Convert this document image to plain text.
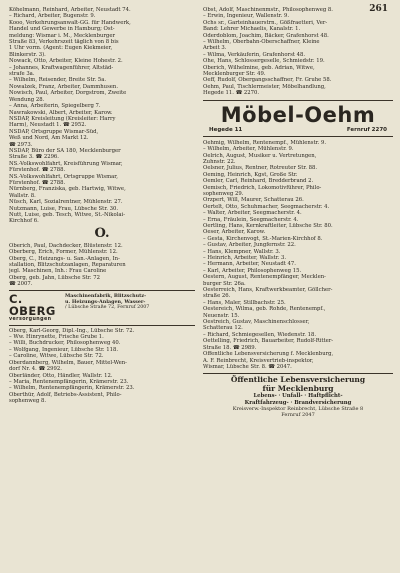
261
Köhelmann, Reinhard, Arbeiter, Neustadt 74.
– Richard, Arbeiter, Bugenstr. 9.
Kooo, Verkehrungsanwalt-GG. für Handwerk,
Handel und Gewerbe in Hamburg; Ost-
meldung: Wismar i. M., Mecklenburger
Straße 83, Verkehrszeit täglich von 8 bis
1 Uhr vorm. (Agent: Eugen Kiekmeier,
Blinkerstr. 3).
Nowack, Otto, Arbeiter, Kleine Hohestr. 2.
– Johannes, Kraftwagenführer, Altstäd-
strafe 3a.
– Wilhelm, Reisender, Breite Str. 5a.
Nowalzek, Franz, Arbeiter, Dammhusen.
Nowisch, Paul, Arbeiter, Dorgstrom, Zweite
Wendung 28.
– Anna, Arbeiterin, Spiegelberg 7.
Nawrakowski, Albert, Arbeiter, Karow.
NSDAP, Kreisleitung (Kreisleiter: Harry
Harm), Neustadt 1. ☎ 2952.
NSDAP, Ortsgruppe Wismar-Süd,
Weß und Nord, Am Markt 12.
☎ 2973.
NSDAP, Büro der SA 180, Mecklenburger
Straße 3. ☎ 2296.
NS.-Volkswohlfahrt, Kreisführung Wismar,
Fürstenhof. ☎ 2788.
NS.-Volkswohlfahrt, Ortsgruppe Wismar,
Fürstenhof. ☎ 2788.
Nürnberg, Franziska, geb. Hartwig, Witwe,
Wallstr. 8.
Nüsch, Karl, Sozialrentner, Mühlenstr. 27.
Nutzmann, Luise, Frau, Lübsche Str. 30.
Nutt, Luise, geb. Tesch, Witwe, St.-Nikolai-
Kirchhof 6.
O.
Oberich, Paul, Dachdecker, Blüstenstr. 12.
Oberberg, Erich, Former, Mühlenstr. 12.
Oberg, C., Heizungs- u. San.-Anlagen, In-
stallation, Blitzschutzanlagen, Reparaturen
jegl. Maschinen, Inh.: Frau Caroline
Oberg, geb. Jahn, Lübsche Str. 72
☎ 2007.
C. OBERG
versorgungen
Maschinenfabrik, Blitzschutz-
u. Heizungs-Anlagen, Wasser-
/ Lübsche Straße 72, Fernruf 2007
Oberg, Karl-Georg, Dipl.-Ing., Lübsche Str. 72.
– Ww. Hinrynette, Frische Grube 1.
– Willi, Buchdrucker, Philosophenweg 40.
– Wolfgang, Ingenieur, Lübsche Str. 118.
– Caroline, Witwe, Lübsche Str. 72.
Oberdannberg, Wilhelm, Bauer, Mittel-Wen-
dorf Nr. 4. ☎ 2992.
Oberländer, Otto, Händler, Wallstr. 12.
– Maria, Rentenempfängerin, Krämerstr. 23.
– Wilhelm, Rentenempfängerin, Krämerstr. 23.
Oberthür, Adolf, Betriebs-Assistent, Philo-
sophenweg 8.
Obst, Adolf, Maschinenmstr., Philosophenweg 8.
– Erwin, Ingenieur, Wallenstr. 9.
Ochs sr., Garteinhauerstrn., Gößfraetteri, Ver-
Band: Lehrer Michaelis, Kanalstr. 1.
Oderdoblom, Joachim, Bäcker, Grafenhorst 48.
– Wilhelm, Oberbahn-Oberschaffner, Kleine
Arbeit 3.
– Wilma, Verkäuferin, Grafenhorst 48.
Ohe, Hans, Schlossergeselle, Schmiedstr. 19.
Oberich, Wilhelmine, geb. Adrian, Witwe,
Mecklenburger Str. 49.
Oeff, Rudolf, Obergangsschaffner, Fr. Gruhe 58.
Oehm, Paul, Tischlermeister, Möbelhandlung,
Hegede 11. ☎ 2270.
Möbel-Oehm
Hegede 11	Fernruf 2270
Oehmig, Wilhelm, Rentenempf., Mühlenstr. 9.
– Wilhelm, Arbeiter, Mühlenstr. 9.
Oelrich, August, Musiker u. Vertretungen,
Zuhnstr. 22.
Oelsner, Julius, Rentner, Rotreuter Str. 88.
Oeming, Heinrich, Kgst, Große Str.
Oemler, Carl, Reinhard, Bredderbrand 2.
Oemisch, Friedrich, Lokomotivführer, Philo-
sophenweg 29.
Orzpert, Will, Maurer, Schatterau 26.
Oertelt, Otto, Schuhmacher, Seegmacherstr. 4.
– Walter, Arbeiter, Seegmacherstr. 4.
– Erna, Fräulein, Seegmacherstr. 4.
Oertling, Hans, Kernkraftleiter, Lübsche Str. 80.
Oeser, Arbeiter, Karow.
– Gesta, Kirchenvogt, St.-Marien-Kirchhof 8.
– Gustav, Arbeiter, Jungfernstr. 22.
– Hans, Klempner, Wallstr. 3.
– Heinrich, Arbeiter, Wallstr. 3.
– Hermann, Arbeiter, Neustadt 47.
– Karl, Arbeiter, Philosophenweg 15.
Oestern, August, Rentenempfänger, Mecklen-
burger Str. 26a.
Oesterreich, Hans, Kraftwerkbeamter, Göllcher-
straße 26.
– Hans, Maler, Stillbachstr. 25.
Oestereich, Wilma, geb. Rohde, Rentenempf.,
Neuenstr. 15.
Oestreich, Gustav, Maschinenschlosser,
Schatterau 12.
– Richard, Schmiegesellen, Wiedenstr. 18.
Oettelling, Friedrich, Bauarbeiter, Rudolf-Ritter-
Straße 18. ☎ 2989.
Offentliche Lebensversicherung f. Mecklenburg,
A. F. Reinbrecht, Kreisvertrieb-inspektor,
Wismar, Lübsche Str. 8. ☎ 2047.
Öffentliche Lebensversicherung
für Mecklenburg
Lebens- · Unfall- · Haftpflicht-
Kraftfahrzeug- · Brandversicherung
Kreisverw.-Inspektor Reinbrecht, Lübsche Straße 8
Fernruf 2047
